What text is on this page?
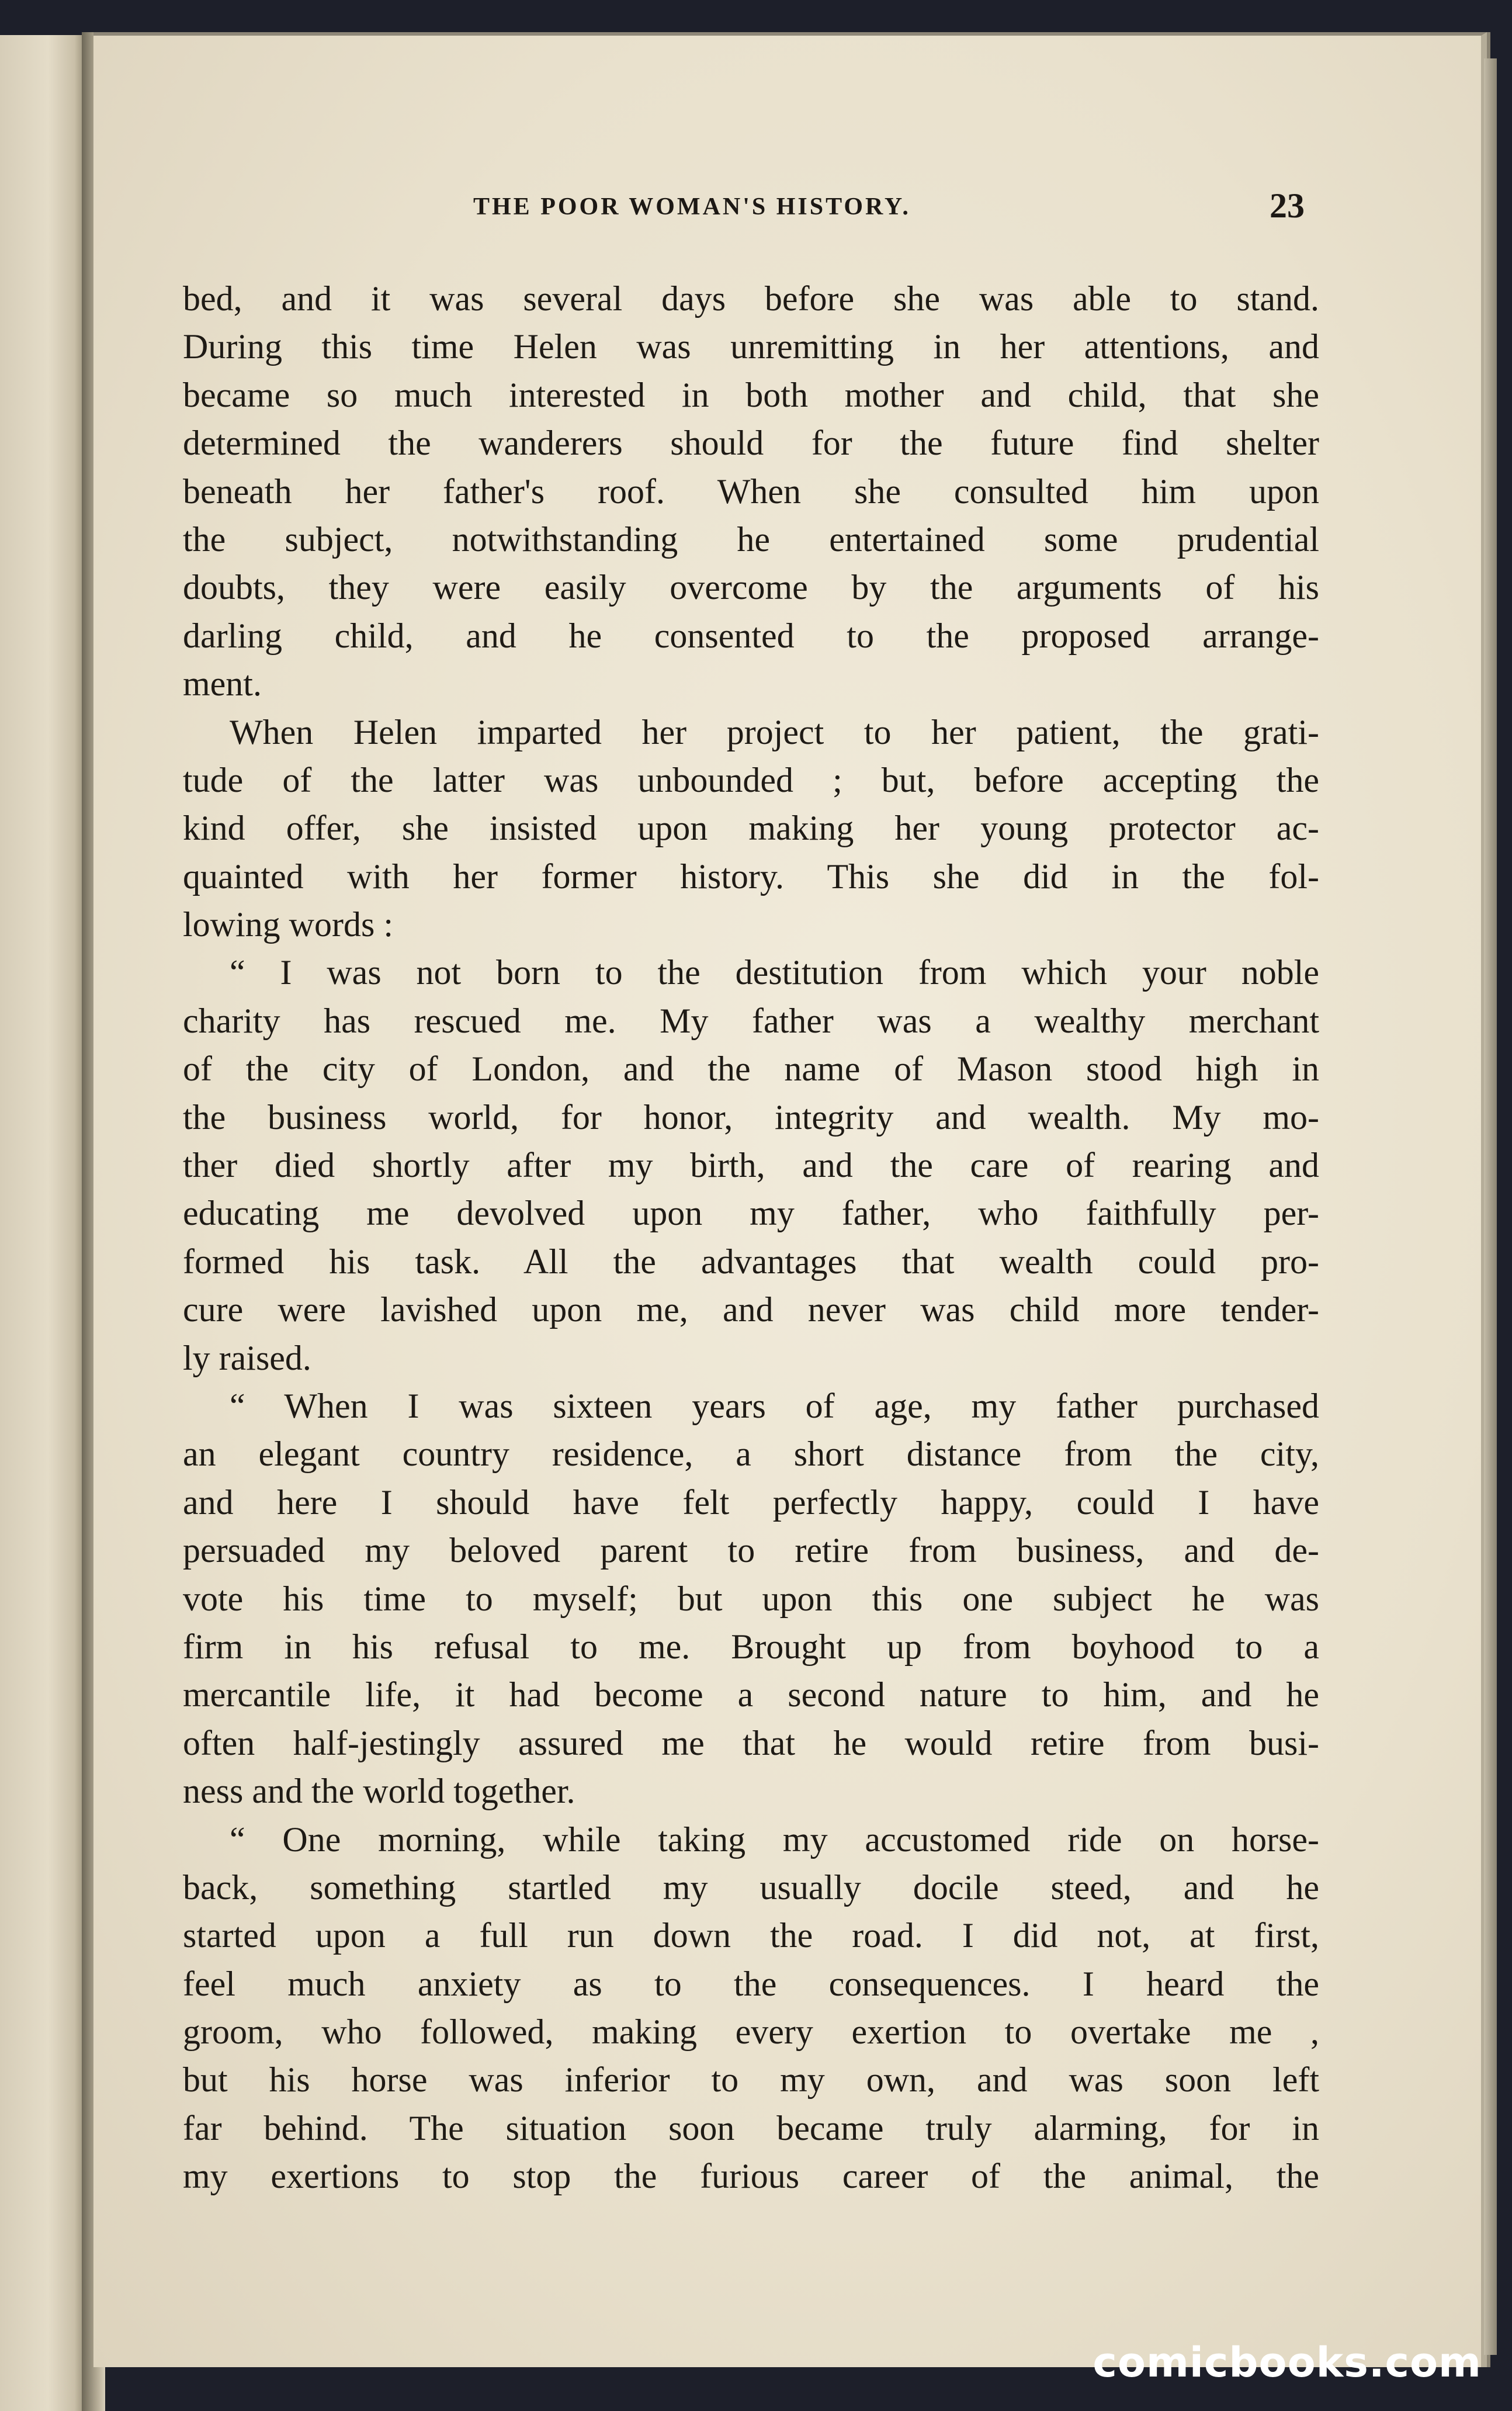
THE POOR WOMAN'S HISTORY.	23
bed, and it was several days before she was able to stand.
During this time Helen was unremitting in her attentions, and
became so much interested in both mother and child, that she
determined the wanderers should for the future find shelter
beneath her father's roof. When she consulted him upon
the subject, notwithstanding he entertained some prudential
doubts, they were easily overcome by the arguments of his
darling child, and he consented to the proposed arrange-
ment.
When Helen imparted her project to her patient, the grati-
tude of the latter was unbounded ; but, before accepting the
kind offer, she insisted upon making her young protector ac-
quainted with her former history. This she did in the fol-
lowing words :
“ I was not born to the destitution from which your noble
charity has rescued me. My father was a wealthy merchant
of the city of London, and the name of Mason stood high in
the business world, for honor, integrity and wealth. My mo-
ther died shortly after my birth, and the care of rearing and
educating me devolved upon my father, who faithfully per-
formed his task. All the advantages that wealth could pro-
cure were lavished upon me, and never was child more tender-
ly raised.
“ When I was sixteen years of age, my father purchased
an elegant country residence, a short distance from the city,
and here I should have felt perfectly happy, could I have
persuaded my beloved parent to retire from business, and de-
vote his time to myself; but upon this one subject he was
firm in his refusal to me. Brought up from boyhood to a
mercantile life, it had become a second nature to him, and he
often half-jestingly assured me that he would retire from busi-
ness and the world together.
“ One morning, while taking my accustomed ride on horse-
back, something startled my usually docile steed, and he
started upon a full run down the road. I did not, at first,
feel much anxiety as to the consequences. I heard the
groom, who followed, making every exertion to overtake me ,
but his horse was inferior to my own, and was soon left
far behind. The situation soon became truly alarming, for in
my exertions to stop the furious career of the animal, the
comicbooks.com
